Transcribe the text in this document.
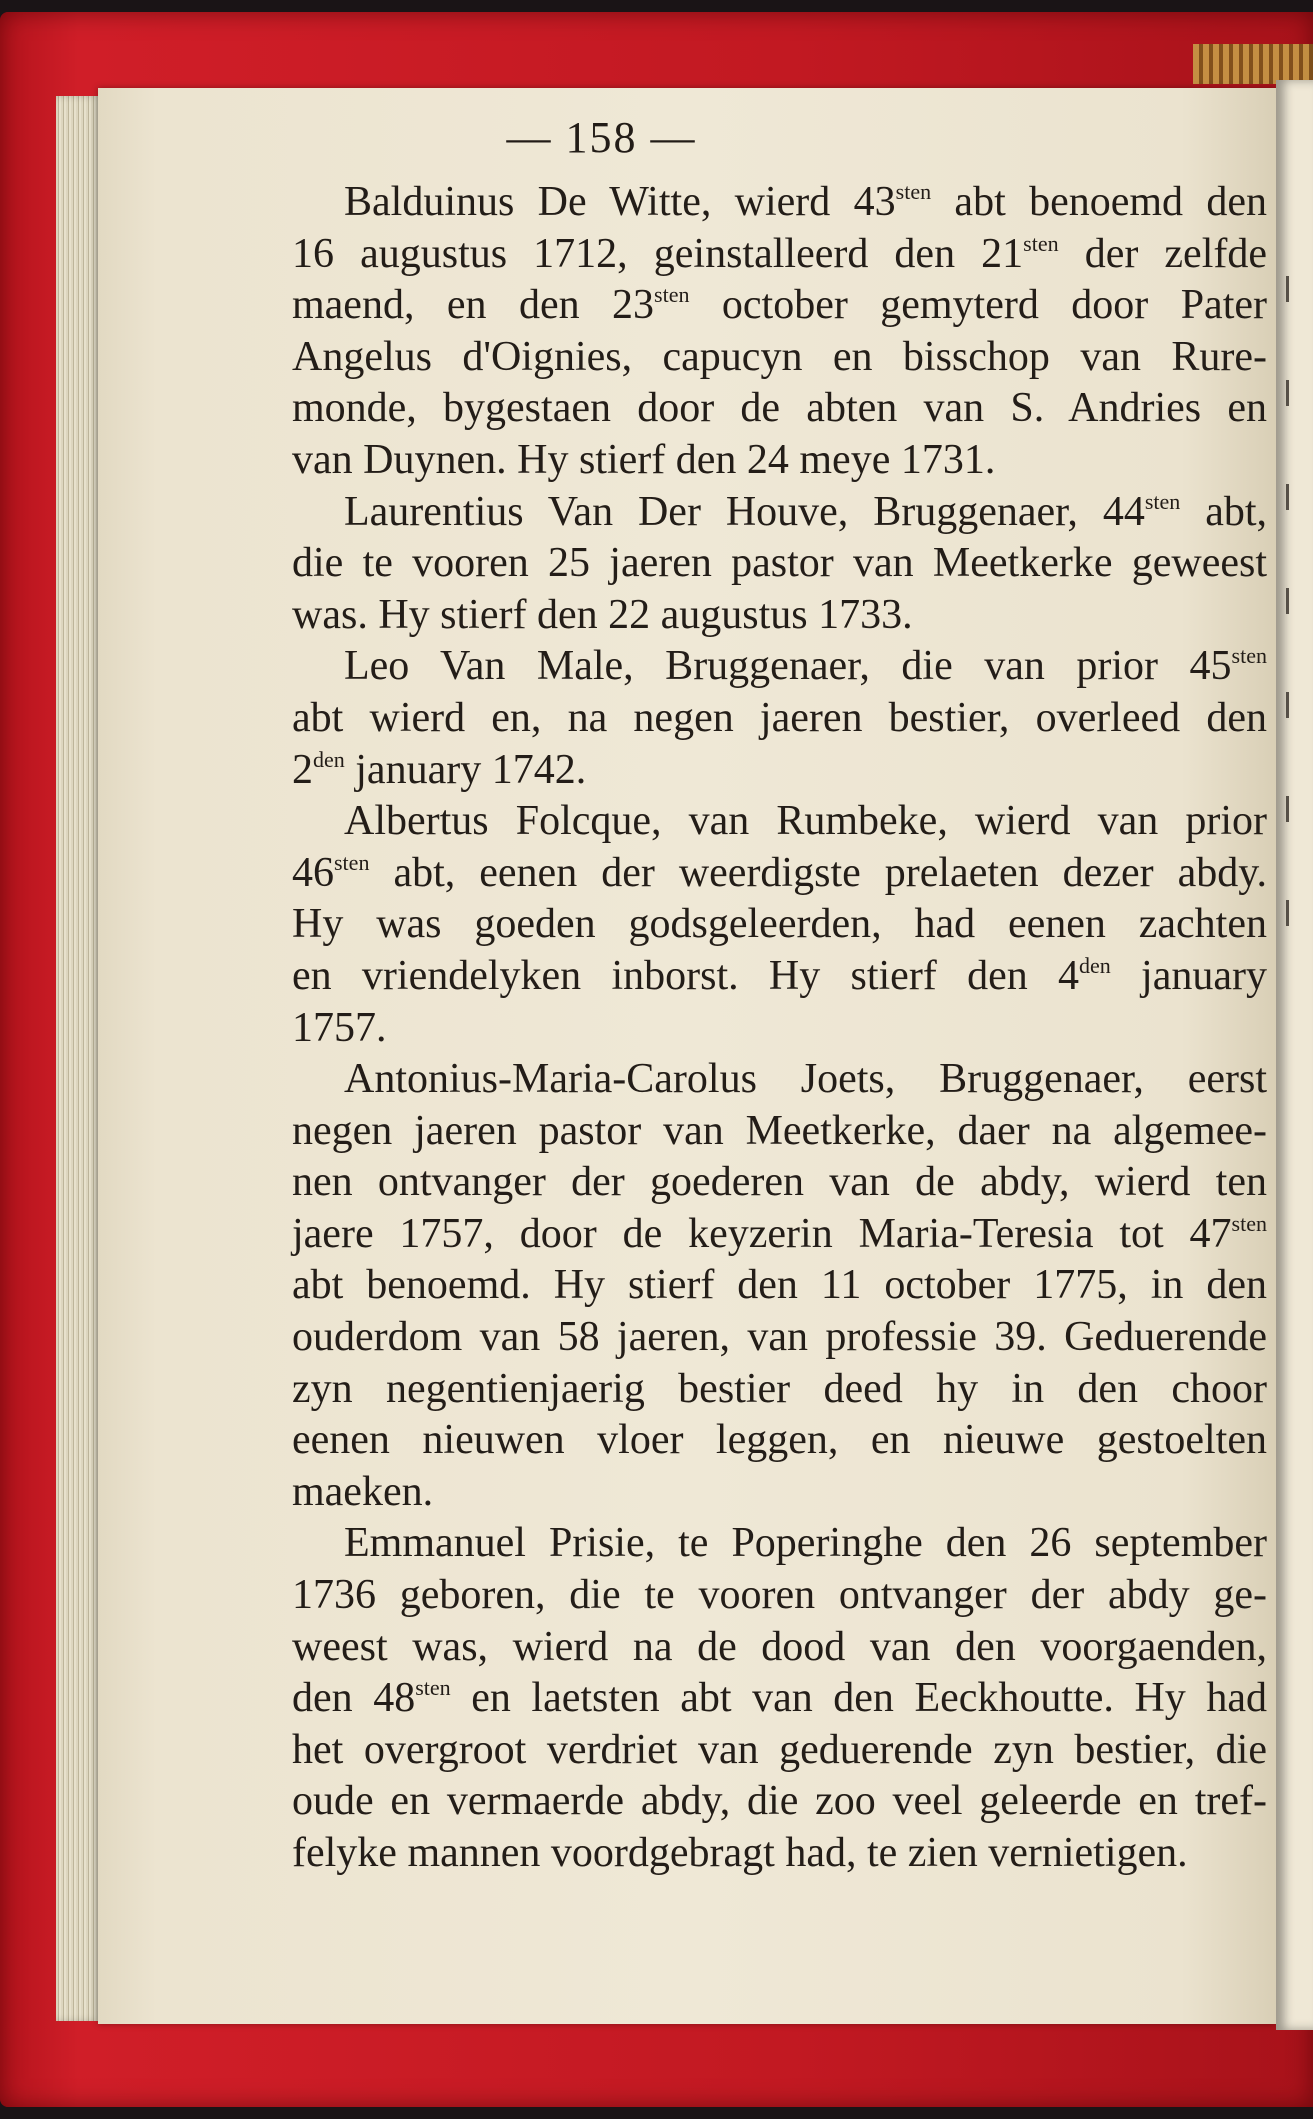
— 158 —
Balduinus De Witte, wierd $43^{sten}$ abt benoemd den
16 augustus 1712, geinstalleerd den $21^{sten}$ der zelfde
maend, en den $23^{sten}$ october gemyterd door Pater
Angelus d'Oignies, capucyn en bisschop van Rure-
monde, bygestaen door de abten van S. Andries en
van Duynen. Hy stierf den 24 meye 1731.
Laurentius Van Der Houve, Bruggenaer, $44^{sten}$ abt,
die te vooren 25 jaeren pastor van Meetkerke geweest
was. Hy stierf den 22 augustus 1733.
Leo Van Male, Bruggenaer, die van prior $45^{sten}$
abt wierd en, na negen jaeren bestier, overleed den
$2^{den}$ january 1742.
Albertus Folcque, van Rumbeke, wierd van prior
$46^{sten}$ abt, eenen der weerdigste prelaeten dezer abdy.
Hy was goeden godsgeleerden, had eenen zachten
en vriendelyken inborst. Hy stierf den $4^{den}$ january
1757.
Antonius-Maria-Carolus Joets, Bruggenaer, eerst
negen jaeren pastor van Meetkerke, daer na algemee-
nen ontvanger der goederen van de abdy, wierd ten
jaere 1757, door de keyzerin Maria-Teresia tot $47^{sten}$
abt benoemd. Hy stierf den 11 october 1775, in den
ouderdom van 58 jaeren, van professie 39. Geduerende
zyn negentienjaerig bestier deed hy in den choor
eenen nieuwen vloer leggen, en nieuwe gestoelten
maeken.
Emmanuel Prisie, te Poperinghe den 26 september
1736 geboren, die te vooren ontvanger der abdy ge-
weest was, wierd na de dood van den voorgaenden,
den $48^{sten}$ en laetsten abt van den Eeckhoutte. Hy had
het overgroot verdriet van geduerende zyn bestier, die
oude en vermaerde abdy, die zoo veel geleerde en tref-
felyke mannen voordgebragt had, te zien vernietigen.
